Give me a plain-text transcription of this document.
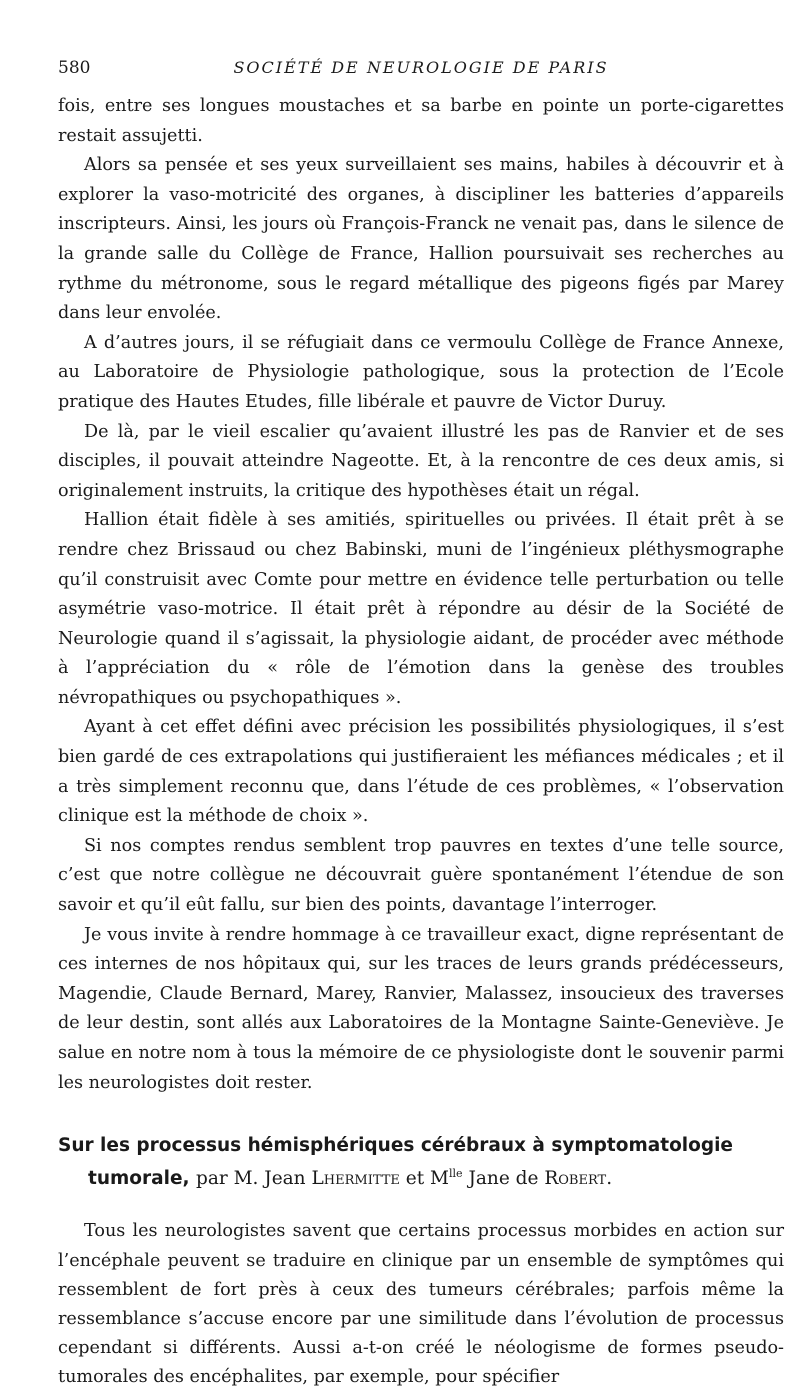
580	SOCIÉTÉ DE NEUROLOGIE DE PARIS

fois, entre ses longues moustaches et sa barbe en pointe un porte-cigarettes restait assujetti.

Alors sa pensée et ses yeux surveillaient ses mains, habiles à découvrir et à explorer la vaso-motricité des organes, à discipliner les batteries d’appareils inscripteurs. Ainsi, les jours où François-Franck ne venait pas, dans le silence de la grande salle du Collège de France, Hallion poursuivait ses recherches au rythme du métronome, sous le regard métallique des pigeons figés par Marey dans leur envolée.

A d’autres jours, il se réfugiait dans ce vermoulu Collège de France Annexe, au Laboratoire de Physiologie pathologique, sous la protection de l’Ecole pratique des Hautes Etudes, fille libérale et pauvre de Victor Duruy.

De là, par le vieil escalier qu’avaient illustré les pas de Ranvier et de ses disciples, il pouvait atteindre Nageotte. Et, à la rencontre de ces deux amis, si originalement instruits, la critique des hypothèses était un régal.

Hallion était fidèle à ses amitiés, spirituelles ou privées. Il était prêt à se rendre chez Brissaud ou chez Babinski, muni de l’ingénieux pléthysmographe qu’il construisit avec Comte pour mettre en évidence telle perturbation ou telle asymétrie vaso-motrice. Il était prêt à répondre au désir de la Société de Neurologie quand il s’agissait, la physiologie aidant, de procéder avec méthode à l’appréciation du « rôle de l’émotion dans la genèse des troubles névropathiques ou psychopathiques ».

Ayant à cet effet défini avec précision les possibilités physiologiques, il s’est bien gardé de ces extrapolations qui justifieraient les méfiances médicales ; et il a très simplement reconnu que, dans l’étude de ces problèmes, « l’observation clinique est la méthode de choix ».

Si nos comptes rendus semblent trop pauvres en textes d’une telle source, c’est que notre collègue ne découvrait guère spontanément l’étendue de son savoir et qu’il eût fallu, sur bien des points, davantage l’interroger.

Je vous invite à rendre hommage à ce travailleur exact, digne représentant de ces internes de nos hôpitaux qui, sur les traces de leurs grands prédécesseurs, Magendie, Claude Bernard, Marey, Ranvier, Malassez, insoucieux des traverses de leur destin, sont allés aux Laboratoires de la Montagne Sainte-Geneviève. Je salue en notre nom à tous la mémoire de ce physiologiste dont le souvenir parmi les neurologistes doit rester.

Sur les processus hémisphériques cérébraux à symptomatologie tumorale, par M. Jean Lhermitte et $M^{lle}$ Jane de Robert.

Tous les neurologistes savent que certains processus morbides en action sur l’encéphale peuvent se traduire en clinique par un ensemble de symptômes qui ressemblent de fort près à ceux des tumeurs cérébrales; parfois même la ressemblance s’accuse encore par une similitude dans l’évolution de processus cependant si différents. Aussi a-t-on créé le néologisme de formes pseudo-tumorales des encéphalites, par exemple, pour spécifier
